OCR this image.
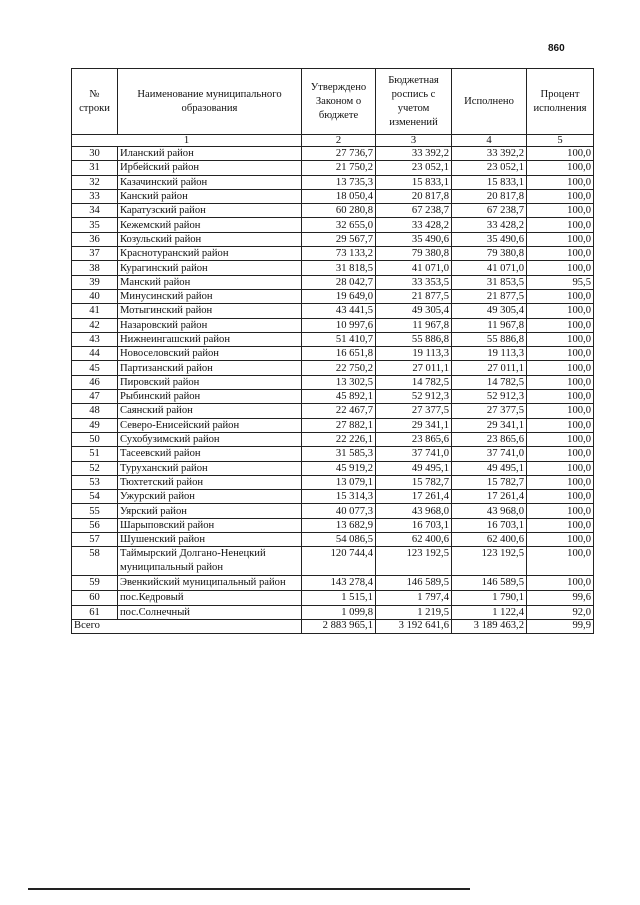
860
№ строки	Наименование муниципального образования	Утверждено Законом о бюджете	Бюджетная роспись с учетом изменений	Исполнено	Процент исполнения
1		2	3	4	5
30	Иланский район	27 736,7	33 392,2	33 392,2	100,0
31	Ирбейский район	21 750,2	23 052,1	23 052,1	100,0
32	Казачинский район	13 735,3	15 833,1	15 833,1	100,0
33	Канский район	18 050,4	20 817,8	20 817,8	100,0
34	Каратузский район	60 280,8	67 238,7	67 238,7	100,0
35	Кежемский район	32 655,0	33 428,2	33 428,2	100,0
36	Козульский район	29 567,7	35 490,6	35 490,6	100,0
37	Краснотуранский район	73 133,2	79 380,8	79 380,8	100,0
38	Курагинский район	31 818,5	41 071,0	41 071,0	100,0
39	Манский район	28 042,7	33 353,5	31 853,5	95,5
40	Минусинский район	19 649,0	21 877,5	21 877,5	100,0
41	Мотыгинский район	43 441,5	49 305,4	49 305,4	100,0
42	Назаровский район	10 997,6	11 967,8	11 967,8	100,0
43	Нижнеингашский район	51 410,7	55 886,8	55 886,8	100,0
44	Новоселовский район	16 651,8	19 113,3	19 113,3	100,0
45	Партизанский район	22 750,2	27 011,1	27 011,1	100,0
46	Пировский район	13 302,5	14 782,5	14 782,5	100,0
47	Рыбинский район	45 892,1	52 912,3	52 912,3	100,0
48	Саянский район	22 467,7	27 377,5	27 377,5	100,0
49	Северо-Енисейский район	27 882,1	29 341,1	29 341,1	100,0
50	Сухобузимский район	22 226,1	23 865,6	23 865,6	100,0
51	Тасеевский район	31 585,3	37 741,0	37 741,0	100,0
52	Туруханский район	45 919,2	49 495,1	49 495,1	100,0
53	Тюхтетский район	13 079,1	15 782,7	15 782,7	100,0
54	Ужурский район	15 314,3	17 261,4	17 261,4	100,0
55	Уярский район	40 077,3	43 968,0	43 968,0	100,0
56	Шарыповский район	13 682,9	16 703,1	16 703,1	100,0
57	Шушенский район	54 086,5	62 400,6	62 400,6	100,0
58	Таймырский Долгано-Ненецкий муниципальный район	120 744,4	123 192,5	123 192,5	100,0
59	Эвенкийский муниципальный район	143 278,4	146 589,5	146 589,5	100,0
60	пос.Кедровый	1 515,1	1 797,4	1 790,1	99,6
61	пос.Солнечный	1 099,8	1 219,5	1 122,4	92,0
Всего		2 883 965,1	3 192 641,6	3 189 463,2	99,9
